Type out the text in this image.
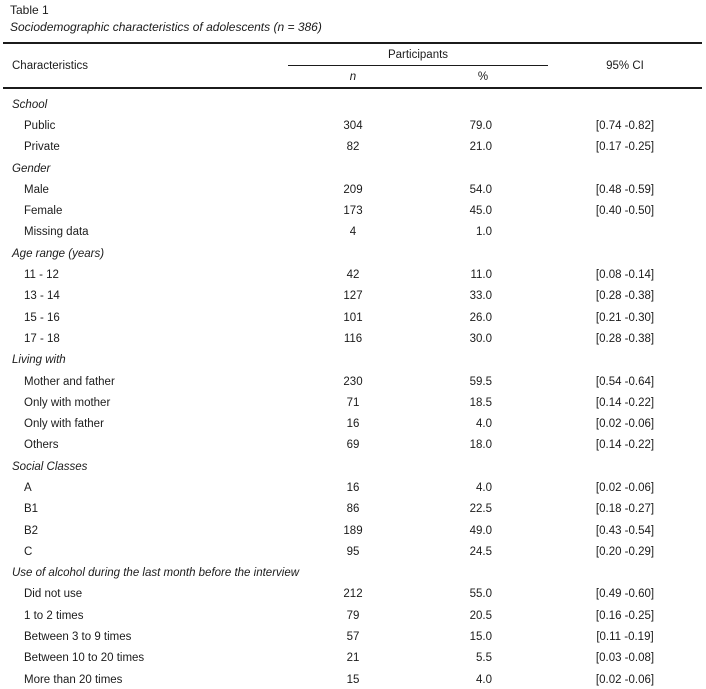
Table 1
Sociodemographic characteristics of adolescents (n = 386)
Characteristics	Participants		95% CI
	n	%	
School			
Public	304	79.0	[0.74 -0.82]
Private	82	21.0	[0.17 -0.25]
Gender			
Male	209	54.0	[0.48 -0.59]
Female	173	45.0	[0.40 -0.50]
Missing data	4	1.0	
Age range (years)			
11 - 12	42	11.0	[0.08 -0.14]
13 - 14	127	33.0	[0.28 -0.38]
15 - 16	101	26.0	[0.21 -0.30]
17 - 18	116	30.0	[0.28 -0.38]
Living with			
Mother and father	230	59.5	[0.54 -0.64]
Only with mother	71	18.5	[0.14 -0.22]
Only with father	16	4.0	[0.02 -0.06]
Others	69	18.0	[0.14 -0.22]
Social Classes			
A	16	4.0	[0.02 -0.06]
B1	86	22.5	[0.18 -0.27]
B2	189	49.0	[0.43 -0.54]
C	95	24.5	[0.20 -0.29]
Use of alcohol during the last month before the interview			
Did not use	212	55.0	[0.49 -0.60]
1 to 2 times	79	20.5	[0.16 -0.25]
Between 3 to 9 times	57	15.0	[0.11 -0.19]
Between 10 to 20 times	21	5.5	[0.03 -0.08]
More than 20 times	15	4.0	[0.02 -0.06]
